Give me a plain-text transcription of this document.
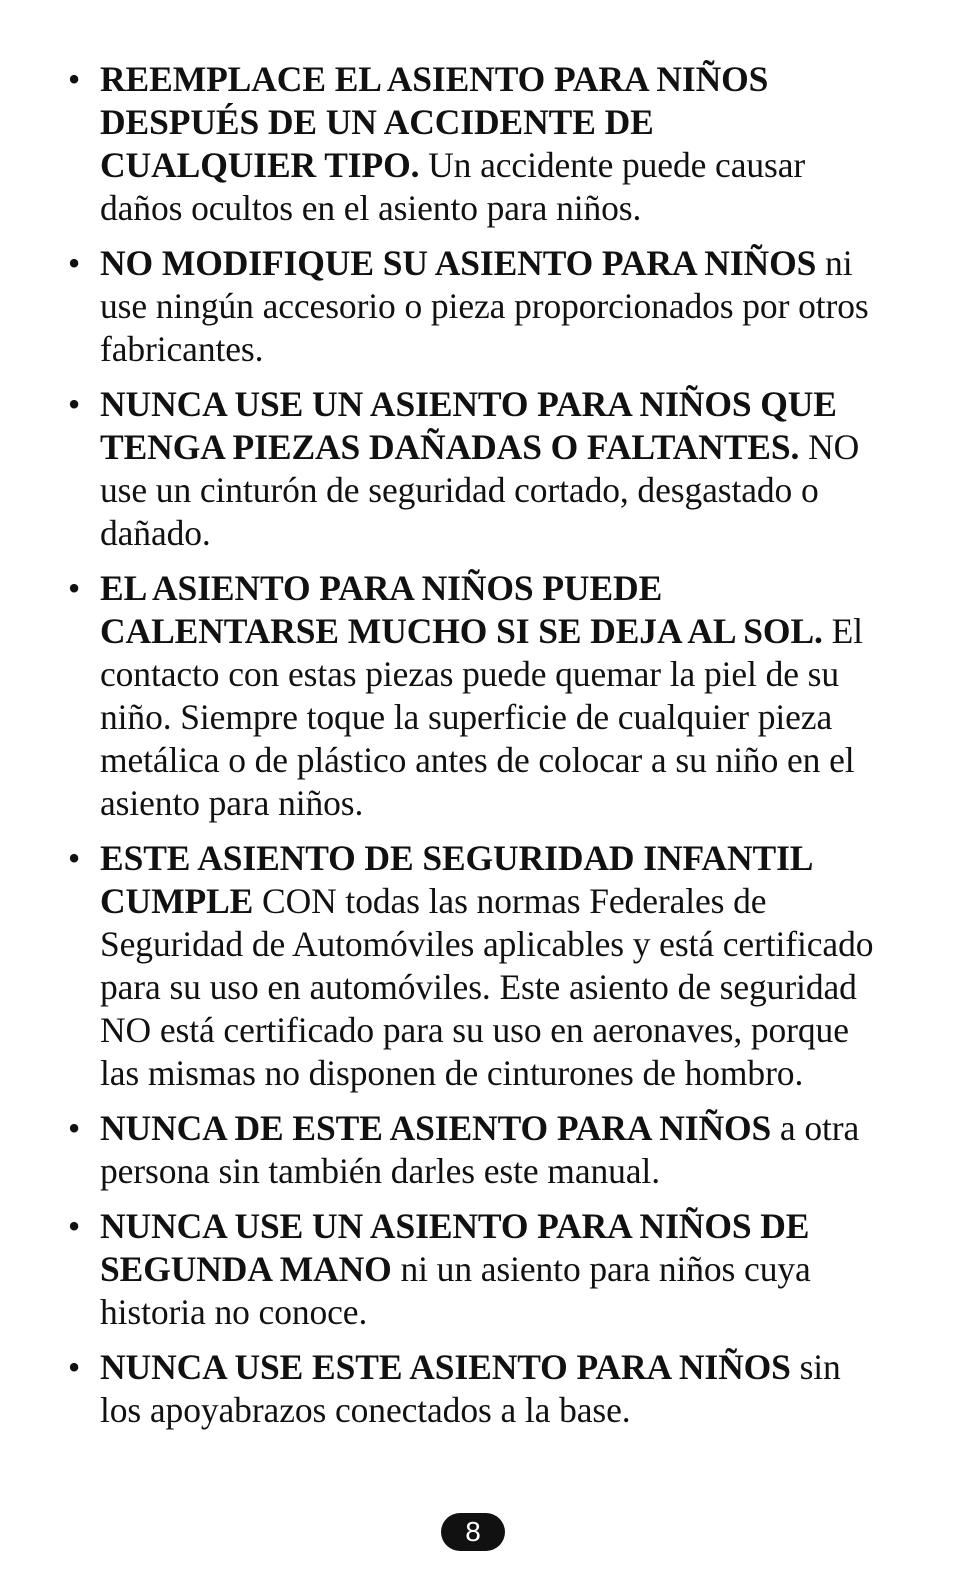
• REEMPLACE EL ASIENTO PARA NIÑOS DESPUÉS DE UN ACCIDENTE DE CUALQUIER TIPO. Un accidente puede causar daños ocultos en el asiento para niños.
• NO MODIFIQUE SU ASIENTO PARA NIÑOS ni use ningún accesorio o pieza proporcionados por otros fabricantes.
• NUNCA USE UN ASIENTO PARA NIÑOS QUE TENGA PIEZAS DAÑADAS O FALTANTES. NO use un cinturón de seguridad cortado, desgastado o dañado.
• EL ASIENTO PARA NIÑOS PUEDE CALENTARSE MUCHO SI SE DEJA AL SOL. El contacto con estas piezas puede quemar la piel de su niño. Siempre toque la superficie de cualquier pieza metálica o de plástico antes de colocar a su niño en el asiento para niños.
• ESTE ASIENTO DE SEGURIDAD INFANTIL CUMPLE CON todas las normas Federales de Seguridad de Automóviles aplicables y está certificado para su uso en automóviles. Este asiento de seguridad NO está certificado para su uso en aeronaves, porque las mismas no disponen de cinturones de hombro.
• NUNCA DE ESTE ASIENTO PARA NIÑOS a otra persona sin también darles este manual.
• NUNCA USE UN ASIENTO PARA NIÑOS DE SEGUNDA MANO ni un asiento para niños cuya historia no conoce.
• NUNCA USE ESTE ASIENTO PARA NIÑOS sin los apoyabrazos conectados a la base.
8
